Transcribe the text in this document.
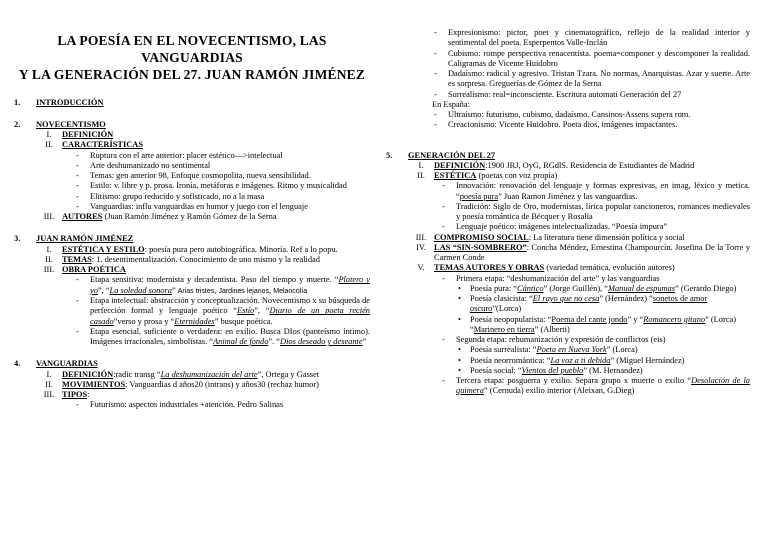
LA POESÍA EN EL NOVECENTISMO, LAS VANGUARDIAS
Y LA GENERACIÓN DEL 27. JUAN RAMÓN JIMÉNEZ
1.	INTRODUCCIÓN
2.	NOVECENTISMO
I.	DEFINICIÓN
II.	CARACTERÍSTICAS
-	Ruptura con el arte anterior: placer estético—>intelectual
-	Arte deshumanizado no sentimental
-	Temas: gen anterior 98, Enfoque cosmopolita, nueva sensibilidad.
-	Estilo: v. libre y p. prosa. Ironía, metáforas e imágenes. Ritmo y musicalidad
-	Elitismo: grupo reducido y sofisticado, no a la masa
-	Vanguardias: influ vanguardias en humor y juego con el lenguaje
III. AUTORES (Juan Ramón Jiménez y Ramón Gómez de la Serna
3.	JUAN RAMÓN JIMÉNEZ
I.	ESTÉTICA Y ESTILO: poesía pura pero autobiográfica. Minoría. Ref a lo popu.
II.	TEMAS: 1. desentimentalización. Conocimiento de uno mismo y la realidad
III. OBRA POÉTICA
-	Etapa sensitiva: modernista y decadentista. Paso del tiempo y muerte. “Platero y yo”, “La soledad sonora” Arias tristes, Jardines lejanos, Melancolía
-	Etapa intelectual: abstracción y conceptualización. Novecentismo x su búsqueda de perfección formal y lenguaje poético “Estío”, “Diario de un poeta recién casado”verso y prosa y “Eternidades” busque poética.
-	Etapa esencial, suficiente o verdadera: en exilio. Busca DIos (panteísmo íntimo). Imágenes irracionales, simbolistas. “Animal de fondo”. “Dios deseado y deseante”
4.	VANGUARDIAS
I.	DEFINICIÓN:radic transg “La deshumanización del arte”, Ortega y Gasset
II.	MOVIMIENTOS: Vanguardias d años20 (intrans) y años30 (rechaz humor)
III. TIPOS:
-	Futurismo: aspectos industriales +atención. Pedro Salinas
-	Expresionismo: pictor, poet y cinematográfico, reflejo de la realidad interior y sentimental del poeta. Esperpentos Valle-Inclán
-	Cubismo: rompe perspectiva renacentista. poema=componer y descomponer la realidad. Caligramas de Vicente Huidobro
-	Dadaísmo: radical y agresivo. Tristan Tzara. No normas, Anarquistas. Azar y suerte. Arte es sorpresa. Greguerías de Gómez de la Serna
-	Surrealismo: real=inconsciente. Escritura automati Generación del 27
En España:
-	Ultraísmo: futurismo, cubismo, dadaísmo. Cansinos-Assens supera rom.
-	Creacionismo: Vicente Huidobro. Poeta dios, imágenes impactantes.
5.	GENERACIÓN DEL 27
I.	DEFINICIÓN:1900 JRJ, OyG, RGdlS. Residencia de Estudiantes de Madrid
II.	ESTÉTICA (poetas con voz propia)
-	Innovación: renovación del lenguaje y formas expresivas, en imag, léxico y metica. “poesía pura” Juan Ramon Jiménez y las vanguardias.
-	Tradición: Siglo de Oro, modernistas, lírica popular cancioneros, romances medievales y poesía romántica de Bécquer y Rosalía
-	Lenguaje poético: imágenes intelectualizadas. “Poesía impura”
III. COMPROMISO SOCIAL: La literatura tiene dimensión política y social
IV. LAS “SIN-SOMBRERO”: Concha Méndez, Ernestina Champourcín. Josefina De la Torre y Carmen Conde
V.	TEMAS AUTORES Y OBRAS (variedad temática, evolución autores)
-	Primera etapa: “deshumanización del arte” y las vanguardias
•	Poesía pura: “Cántico” (Jorge Guillén), “Manual de espumas” (Gerardo Diego)
•	Poesía clasicista: “El rayo que no cesa” (Hernández) “sonetos de amor oscuro”(Lorca)
•	Poesía neopopularista: “Poema del cante jondo” y “Romancero gitano” (Lorca) “Marinero en tierra” (Alberti)
-	Segunda etapa: rehumanización y expresión de conflictos (eis)
•	Poesía surrealista: “Poeta en Nueva York” (Lorca)
•	Poesía neorromántica: “La voz a ti debida” (Miguel Hernández)
•	Poesía social: “Vientos del pueblo” (M. Hernandez)
-	Tercera etapa: posguerra y exilio. Separa grupo x muerte o exilio “Desolación de la quimera” (Cernuda) exilio interior (Aleixan, G.Dieg)
